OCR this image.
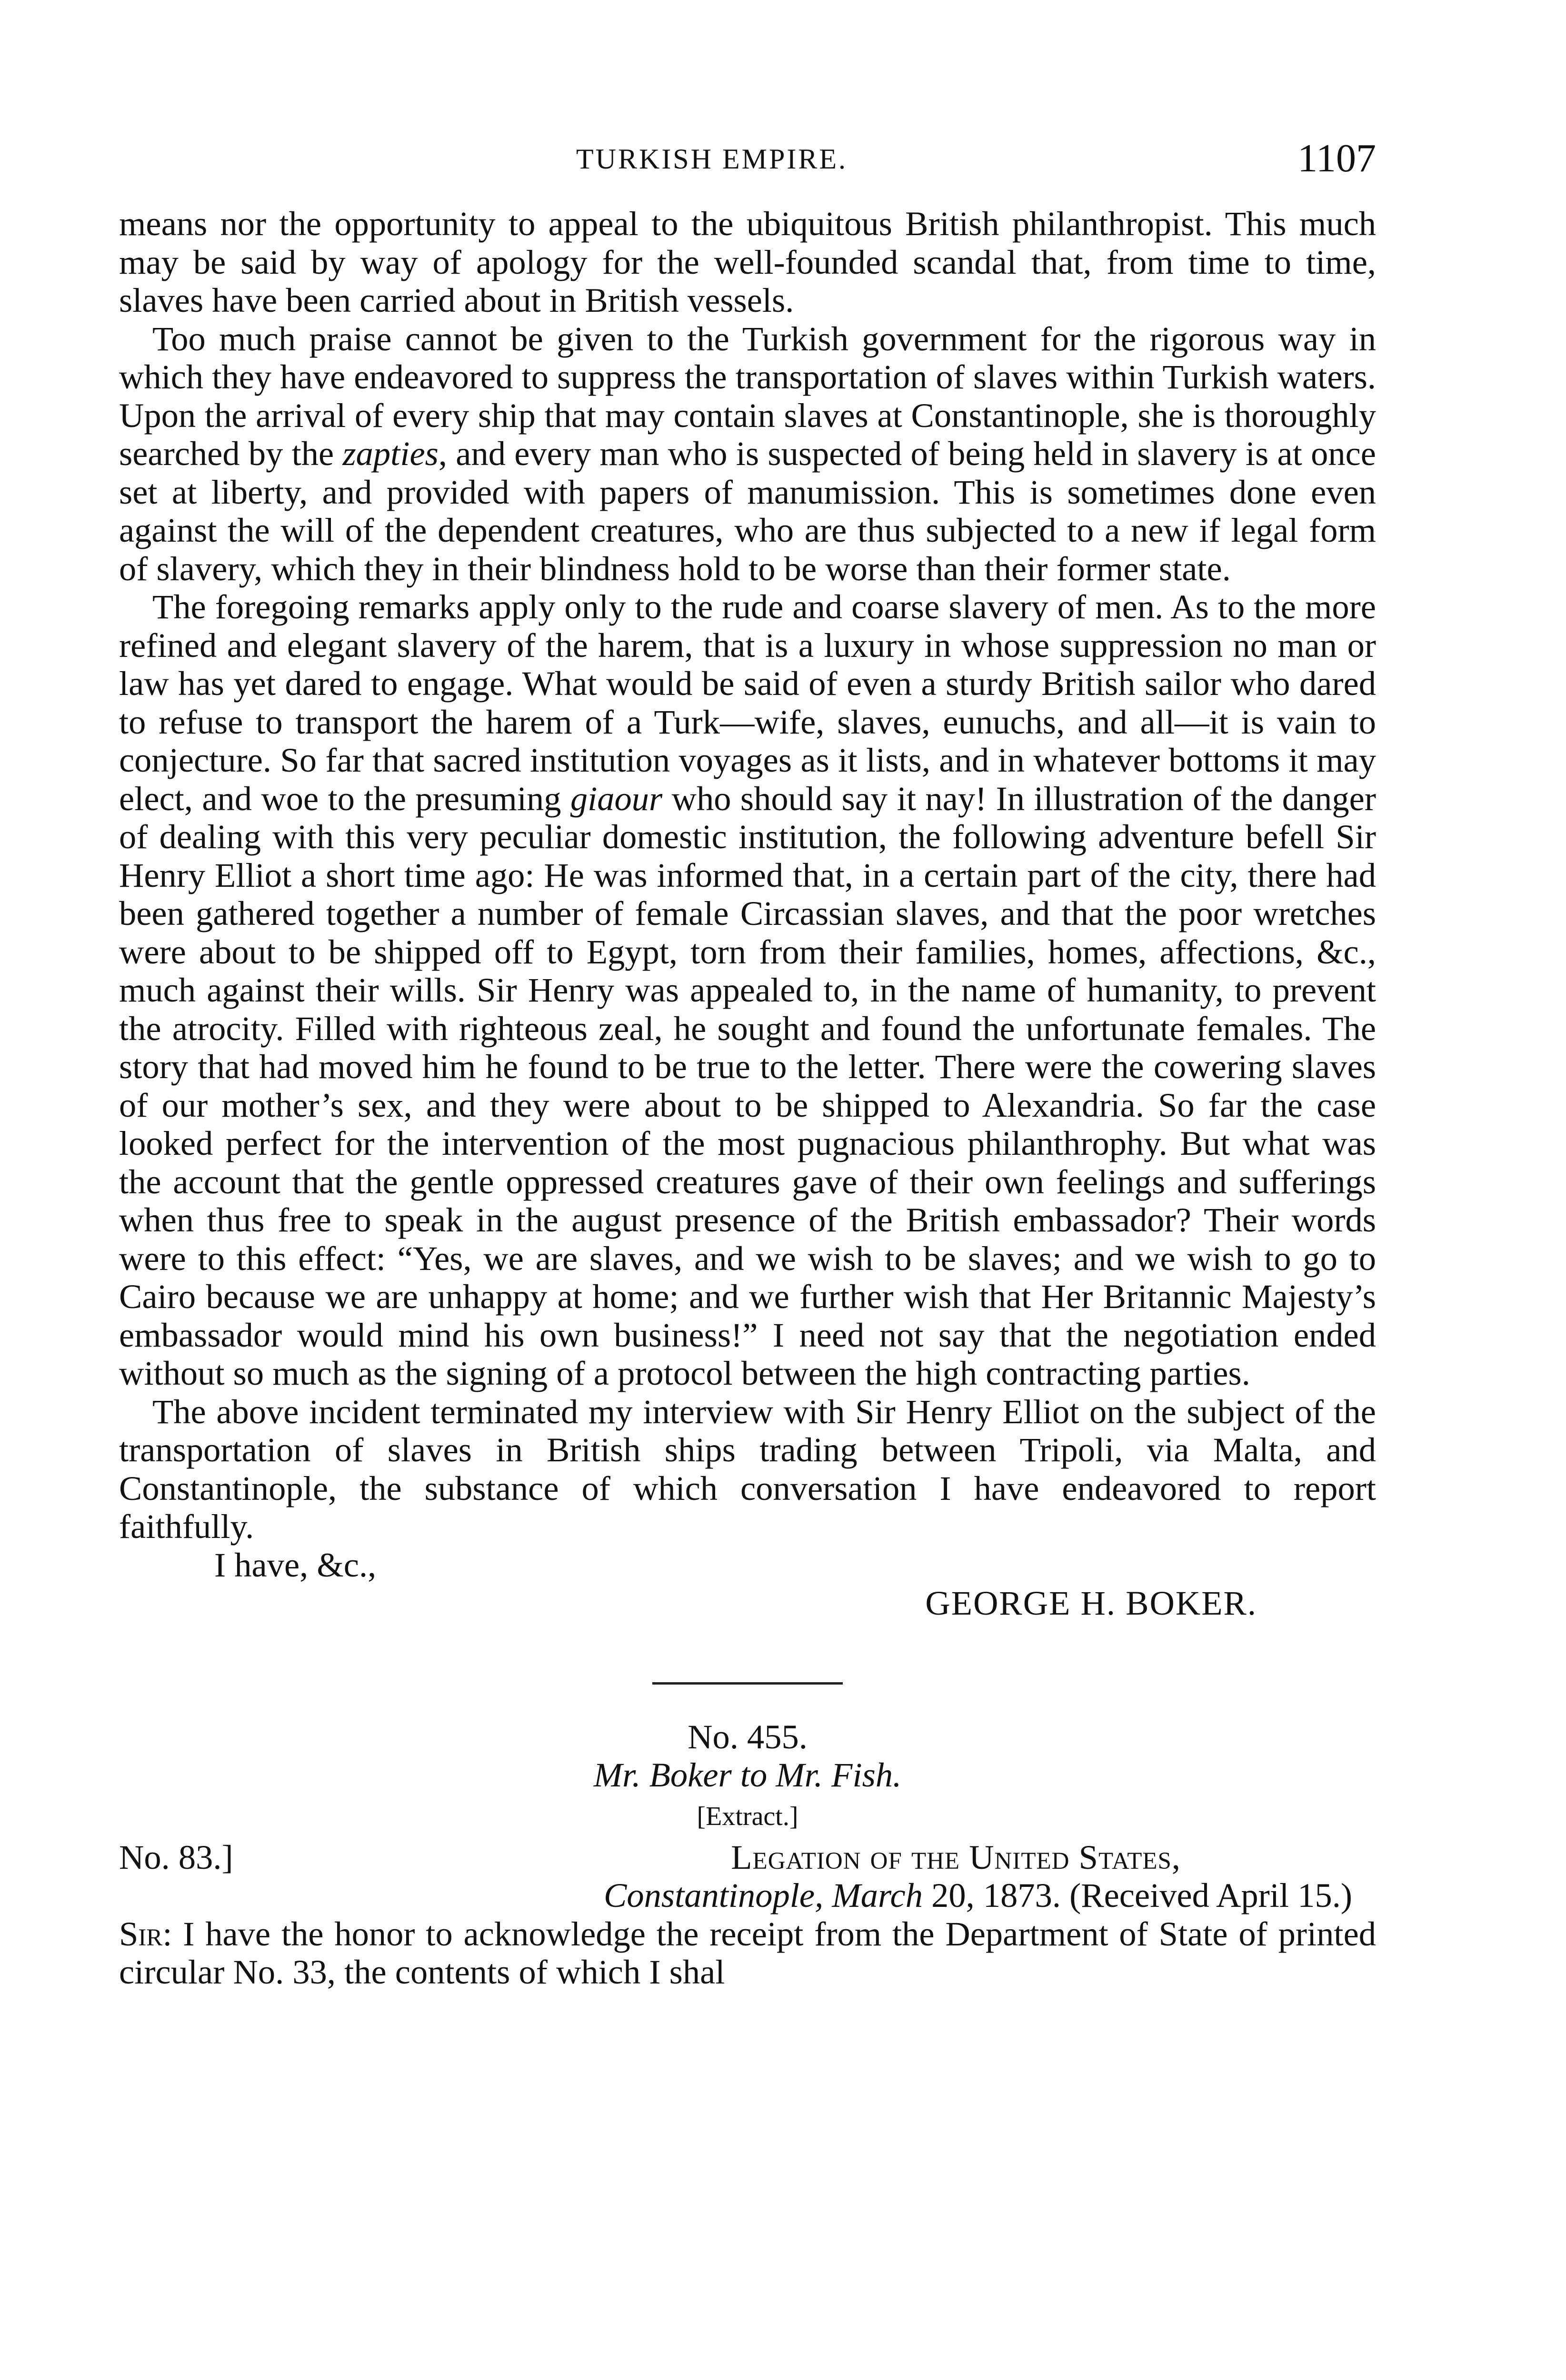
TURKISH EMPIRE.	1107

means nor the opportunity to appeal to the ubiquitous British philanthropist. This much may be said by way of apology for the well-founded scandal that, from time to time, slaves have been carried about in British vessels.

Too much praise cannot be given to the Turkish government for the rigorous way in which they have endeavored to suppress the transportation of slaves within Turkish waters. Upon the arrival of every ship that may contain slaves at Constantinople, she is thoroughly searched by the zapties, and every man who is suspected of being held in slavery is at once set at liberty, and provided with papers of manumission. This is sometimes done even against the will of the dependent creatures, who are thus subjected to a new if legal form of slavery, which they in their blindness hold to be worse than their former state.

The foregoing remarks apply only to the rude and coarse slavery of men. As to the more refined and elegant slavery of the harem, that is a luxury in whose suppression no man or law has yet dared to engage. What would be said of even a sturdy British sailor who dared to refuse to transport the harem of a Turk—wife, slaves, eunuchs, and all—it is vain to conjecture. So far that sacred institution voyages as it lists, and in whatever bottoms it may elect, and woe to the presuming giaour who should say it nay! In illustration of the danger of dealing with this very peculiar domestic institution, the following adventure befell Sir Henry Elliot a short time ago: He was informed that, in a certain part of the city, there had been gathered together a number of female Circassian slaves, and that the poor wretches were about to be shipped off to Egypt, torn from their families, homes, affections, &c., much against their wills. Sir Henry was appealed to, in the name of humanity, to prevent the atrocity. Filled with righteous zeal, he sought and found the unfortunate females. The story that had moved him he found to be true to the letter. There were the cowering slaves of our mother’s sex, and they were about to be shipped to Alexandria. So far the case looked perfect for the intervention of the most pugnacious philanthrophy. But what was the account that the gentle oppressed creatures gave of their own feelings and sufferings when thus free to speak in the august presence of the British embassador? Their words were to this effect: “Yes, we are slaves, and we wish to be slaves; and we wish to go to Cairo because we are unhappy at home; and we further wish that Her Britannic Majesty’s embassador would mind his own business!” I need not say that the negotiation ended without so much as the signing of a protocol between the high contracting parties.

The above incident terminated my interview with Sir Henry Elliot on the subject of the transportation of slaves in British ships trading between Tripoli, via Malta, and Constantinople, the substance of which conversation I have endeavored to report faithfully.

I have, &c.,

GEORGE H. BOKER.

No. 455.

Mr. Boker to Mr. Fish.

[Extract.]

No. 83.]	Legation of the United States,

Constantinople, March 20, 1873. (Received April 15.)

Sir: I have the honor to acknowledge the receipt from the Department of State of printed circular No. 33, the contents of which I shal
